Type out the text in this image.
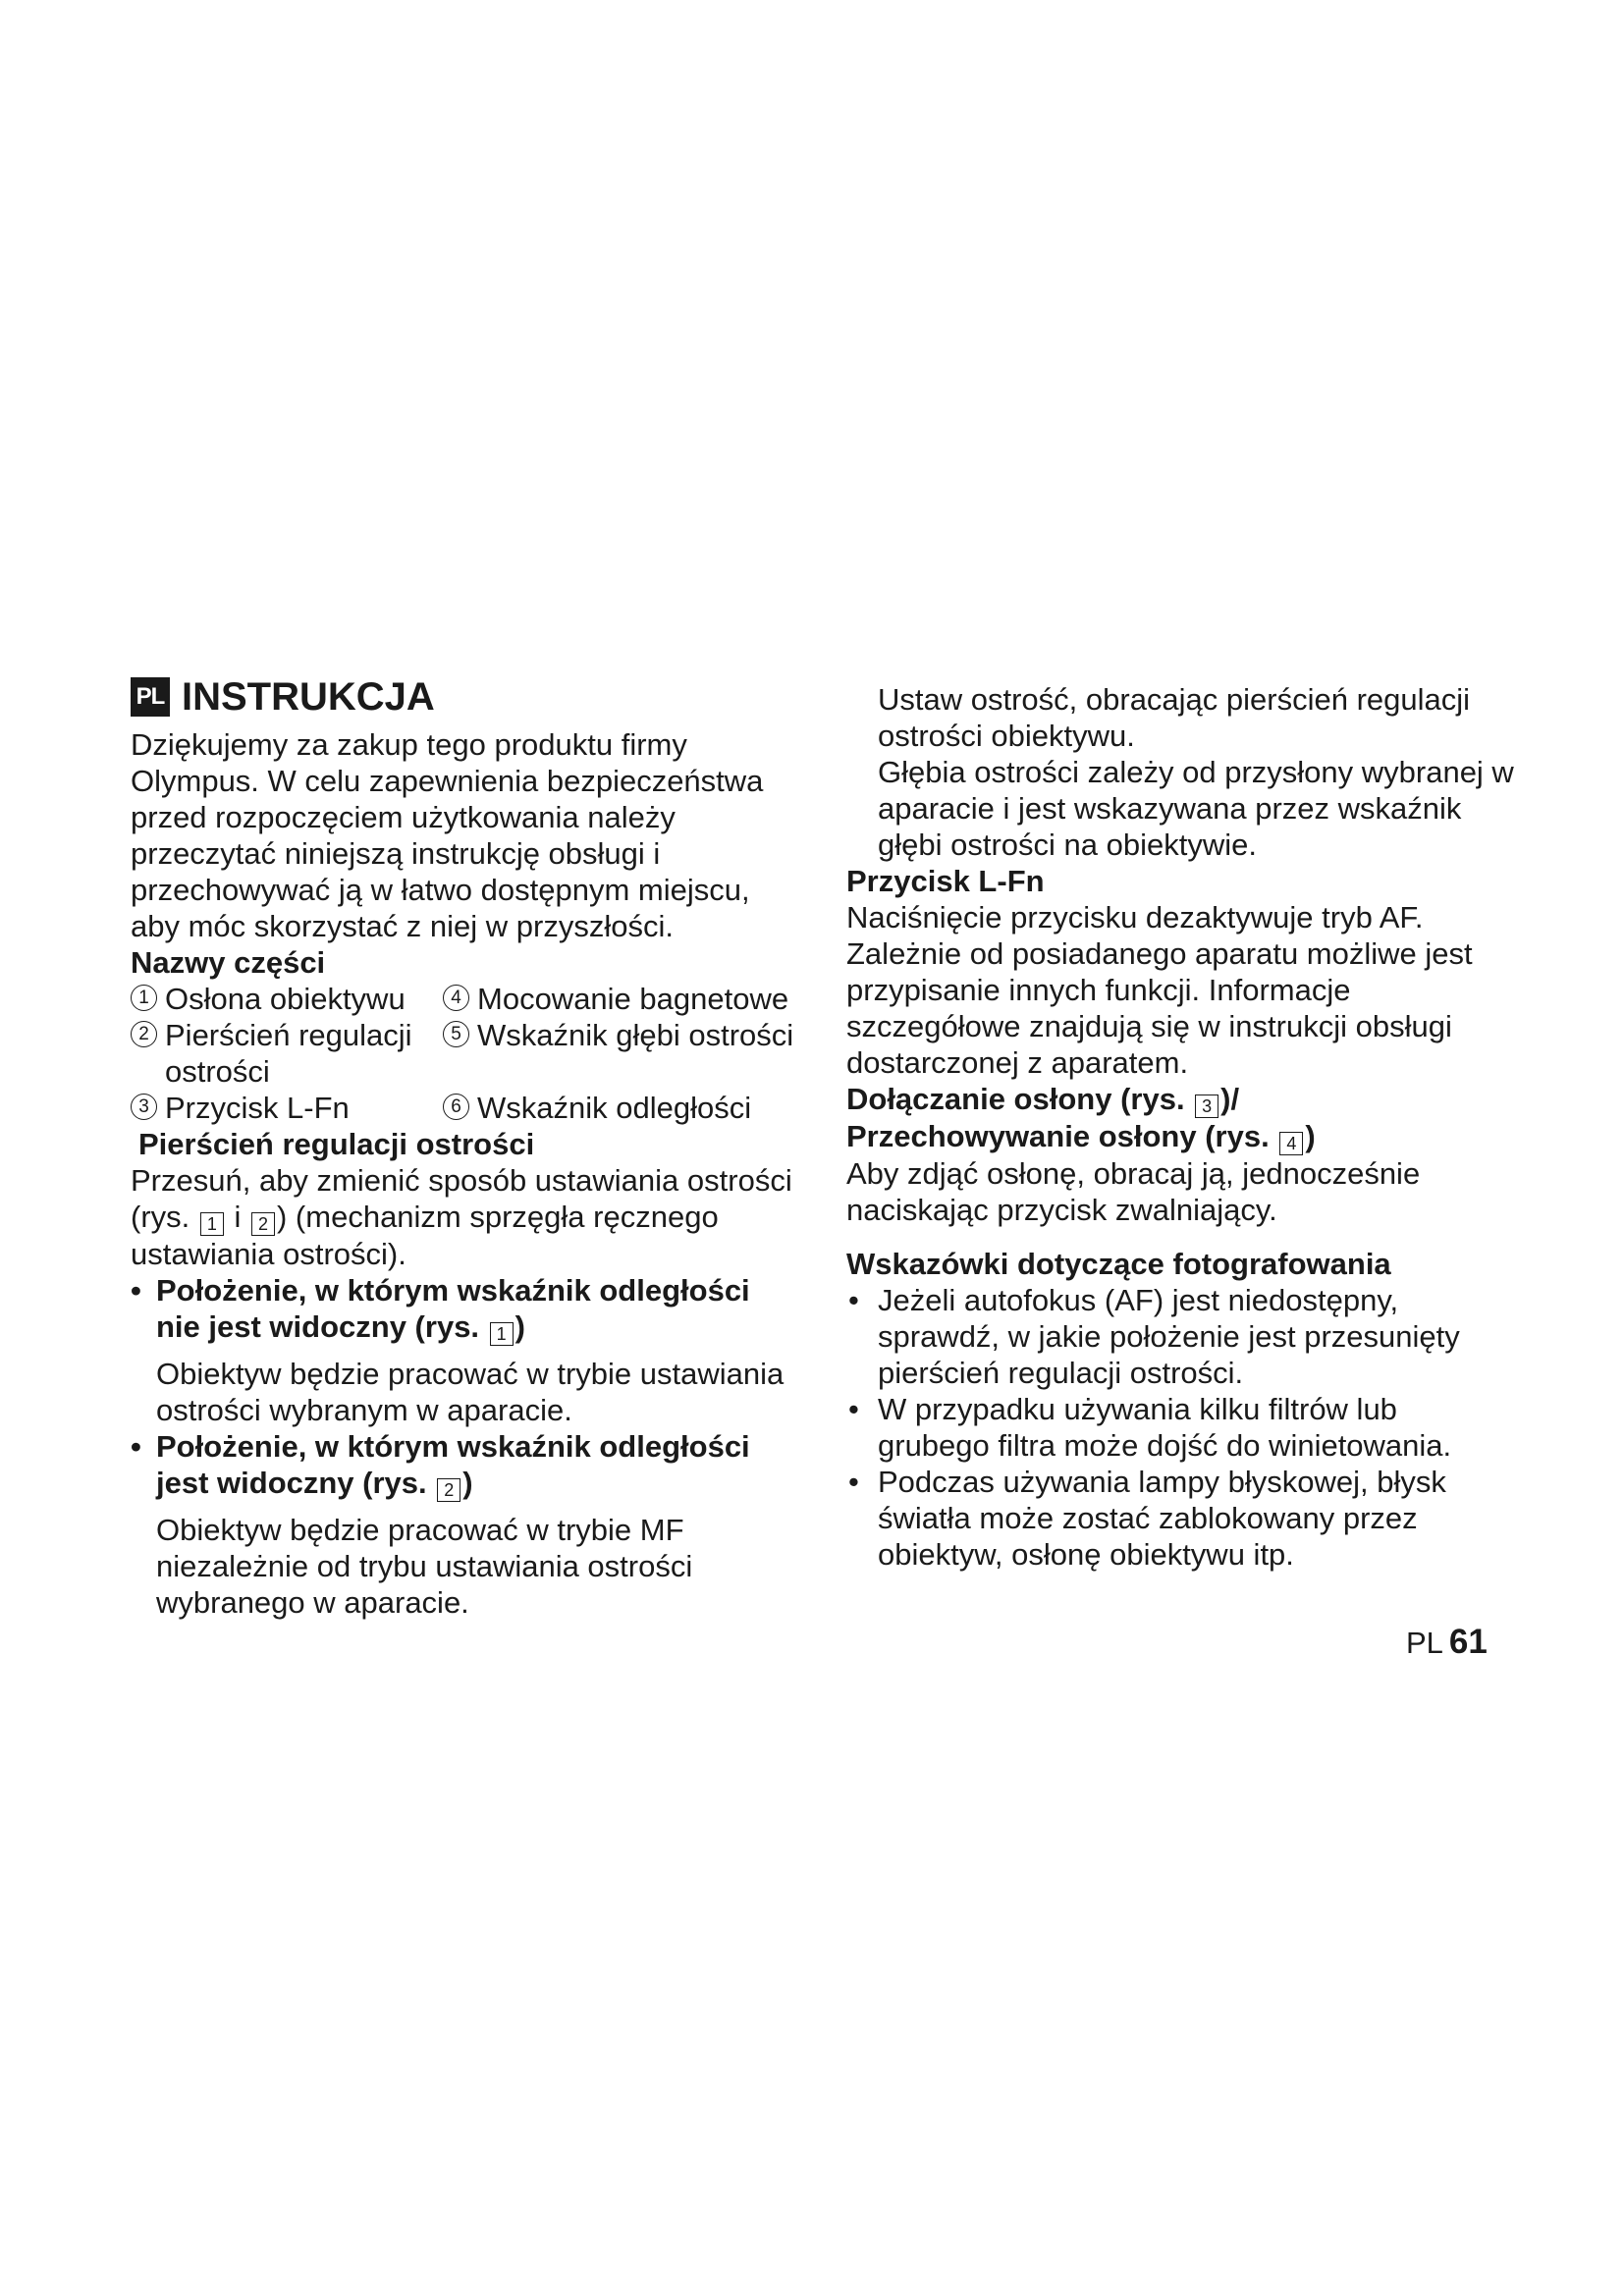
PL INSTRUKCJA
Dziękujemy za zakup tego produktu firmy Olympus. W celu zapewnienia bezpieczeństwa przed rozpoczęciem użytkowania należy przeczytać niniejszą instrukcję obsługi i przechowywać ją w łatwo dostępnym miejscu, aby móc skorzystać z niej w przyszłości.
Nazwy części
1 Osłona obiektywu	4 Mocowanie bagnetowe
2 Pierścień regulacji ostrości
5 Wskaźnik głębi ostrości
3 Przycisk L-Fn	6 Wskaźnik odległości
Pierścień regulacji ostrości
Przesuń, aby zmienić sposób ustawiania ostrości (rys. 1 i 2 ) (mechanizm sprzęgła ręcznego ustawiania ostrości).
• Położenie, w którym wskaźnik odległości nie jest widoczny (rys. 1 )
Obiektyw będzie pracować w trybie ustawiania ostrości wybranym w aparacie.
• Położenie, w którym wskaźnik odległości jest widoczny (rys. 2 )
Obiektyw będzie pracować w trybie MF niezależnie od trybu ustawiania ostrości wybranego w aparacie.
Ustaw ostrość, obracając pierścień regulacji ostrości obiektywu.
Głębia ostrości zależy od przysłony wybranej w aparacie i jest wskazywana przez wskaźnik głębi ostrości na obiektywie.
Przycisk L-Fn
Naciśnięcie przycisku dezaktywuje tryb AF. Zależnie od posiadanego aparatu możliwe jest przypisanie innych funkcji. Informacje szczegółowe znajdują się w instrukcji obsługi dostarczonej z aparatem.
Dołączanie osłony (rys. 3 )/
Przechowywanie osłony (rys. 4 )
Aby zdjąć osłonę, obracaj ją, jednocześnie naciskając przycisk zwalniający.
Wskazówki dotyczące fotografowania
• Jeżeli autofokus (AF) jest niedostępny, sprawdź, w jakie położenie jest przesunięty pierścień regulacji ostrości.
• W przypadku używania kilku filtrów lub grubego filtra może dojść do winietowania.
• Podczas używania lampy błyskowej, błysk światła może zostać zablokowany przez obiektyw, osłonę obiektywu itp.
PL 61
